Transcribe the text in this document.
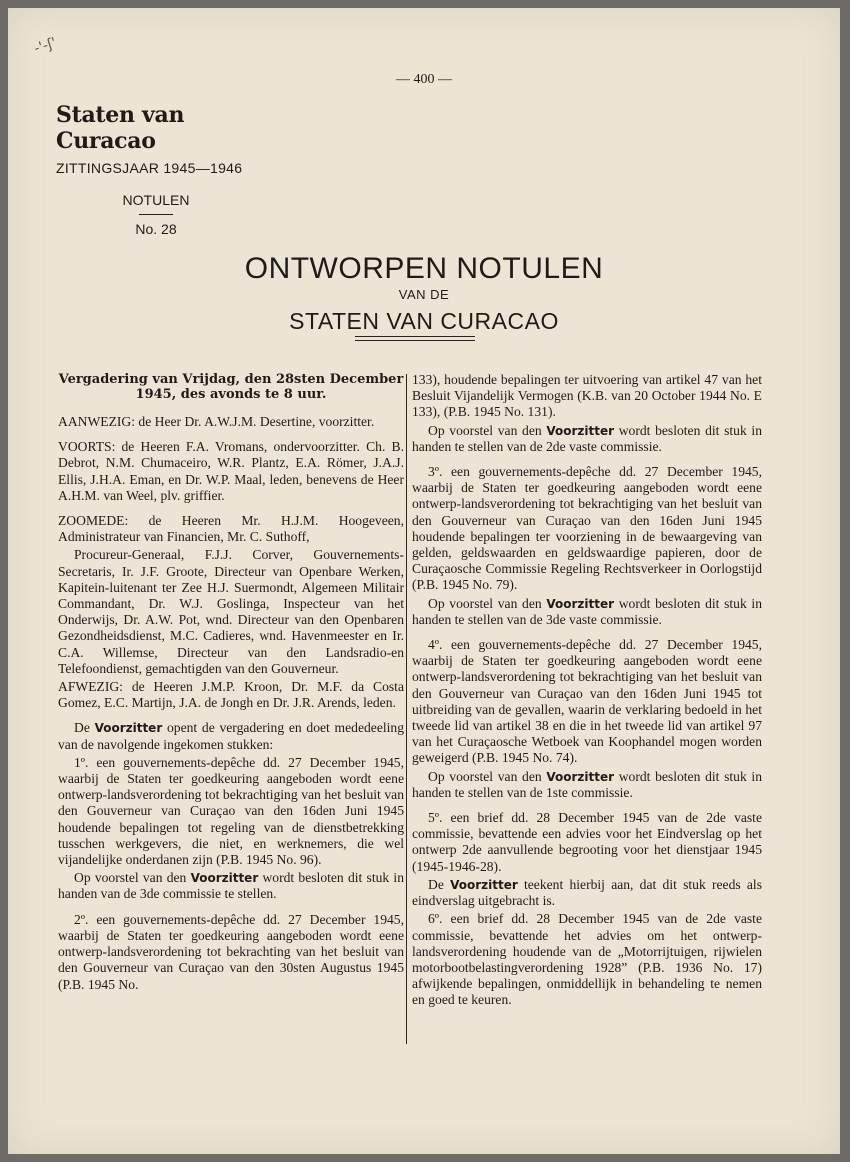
-'-ʃ'
— 400 —
Staten van Curacao
ZITTINGSJAAR 1945—1946
NOTULEN
No. 28
ONTWORPEN NOTULEN
VAN DE
STATEN VAN CURACAO

Vergadering van Vrijdag, den 28sten December 1945, des avonds te 8 uur.

AANWEZIG: de Heer Dr. A.W.J.M. Desertine, voorzitter.

VOORTS: de Heeren F.A. Vromans, ondervoorzitter. Ch. B. Debrot, N.M. Chumaceiro, W.R. Plantz, E.A. Römer, J.A.J. Ellis, J.H.A. Eman, en Dr. W.P. Maal, leden, benevens de Heer A.H.M. van Weel, plv. griffier.

ZOOMEDE: de Heeren Mr. H.J.M. Hoogeveen, Administrateur van Financien, Mr. C. Suthoff,

Procureur-Generaal, F.J.J. Corver, Gouvernements-Secretaris, Ir. J.F. Groote, Directeur van Openbare Werken, Kapitein-luitenant ter Zee H.J. Suermondt, Algemeen Militair Commandant, Dr. W.J. Goslinga, Inspecteur van het Onderwijs, Dr. A.W. Pot, wnd. Directeur van den Openbaren Gezondheidsdienst, M.C. Cadieres, wnd. Havenmeester en Ir. C.A. Willemse, Directeur van den Landsradio-en Telefoondienst, gemachtigden van den Gouverneur.

AFWEZIG: de Heeren J.M.P. Kroon, Dr. M.F. da Costa Gomez, E.C. Martijn, J.A. de Jongh en Dr. J.R. Arends, leden.

De Voorzitter opent de vergadering en doet mededeeling van de navolgende ingekomen stukken:

1º. een gouvernements-depêche dd. 27 December 1945, waarbij de Staten ter goedkeuring aangeboden wordt eene ontwerp-landsverordening tot bekrachtiging van het besluit van den Gouverneur van Curaçao van den 16den Juni 1945 houdende bepalingen tot regeling van de dienstbetrekking tusschen werkgevers, die niet, en werknemers, die wel vijandelijke onderdanen zijn (P.B. 1945 No. 96).

Op voorstel van den Voorzitter wordt besloten dit stuk in handen van de 3de commissie te stellen.

2º. een gouvernements-depêche dd. 27 December 1945, waarbij de Staten ter goedkeuring aangeboden wordt eene ontwerp-landsverordening tot bekrachting van het besluit van den Gouverneur van Curaçao van den 30sten Augustus 1945 (P.B. 1945 No.

133), houdende bepalingen ter uitvoering van artikel 47 van het Besluit Vijandelijk Vermogen (K.B. van 20 October 1944 No. E 133), (P.B. 1945 No. 131).

Op voorstel van den Voorzitter wordt besloten dit stuk in handen te stellen van de 2de vaste commissie.

3º. een gouvernements-depêche dd. 27 December 1945, waarbij de Staten ter goedkeuring aangeboden wordt eene ontwerp-landsverordening tot bekrachtiging van het besluit van den Gouverneur van Curaçao van den 16den Juni 1945 houdende bepalingen ter voorziening in de bewaargeving van gelden, geldswaarden en geldswaardige papieren, door de Curaçaosche Commissie Regeling Rechtsverkeer in Oorlogstijd (P.B. 1945 No. 79).

Op voorstel van den Voorzitter wordt besloten dit stuk in handen te stellen van de 3de vaste commissie.

4º. een gouvernements-depêche dd. 27 December 1945, waarbij de Staten ter goedkeuring aangeboden wordt eene ontwerp-landsverordening tot bekrachtiging van het besluit van den Gouverneur van Curaçao van den 16den Juni 1945 tot uitbreiding van de gevallen, waarin de verklaring bedoeld in het tweede lid van artikel 38 en die in het tweede lid van artikel 97 van het Curaçaosche Wetboek van Koophandel mogen worden geweigerd (P.B. 1945 No. 74).

Op voorstel van den Voorzitter wordt besloten dit stuk in handen te stellen van de 1ste commissie.

5º. een brief dd. 28 December 1945 van de 2de vaste commissie, bevattende een advies voor het Eindverslag op het ontwerp 2de aanvullende begrooting voor het dienstjaar 1945 (1945-1946-28).

De Voorzitter teekent hierbij aan, dat dit stuk reeds als eindverslag uitgebracht is.

6º. een brief dd. 28 December 1945 van de 2de vaste commissie, bevattende het advies om het ontwerp-landsverordening houdende van de „Motorrijtuigen, rijwielen motorbootbelastingverordening 1928” (P.B. 1936 No. 17) afwijkende bepalingen, onmiddellijk in behandeling te nemen en goed te keuren.
